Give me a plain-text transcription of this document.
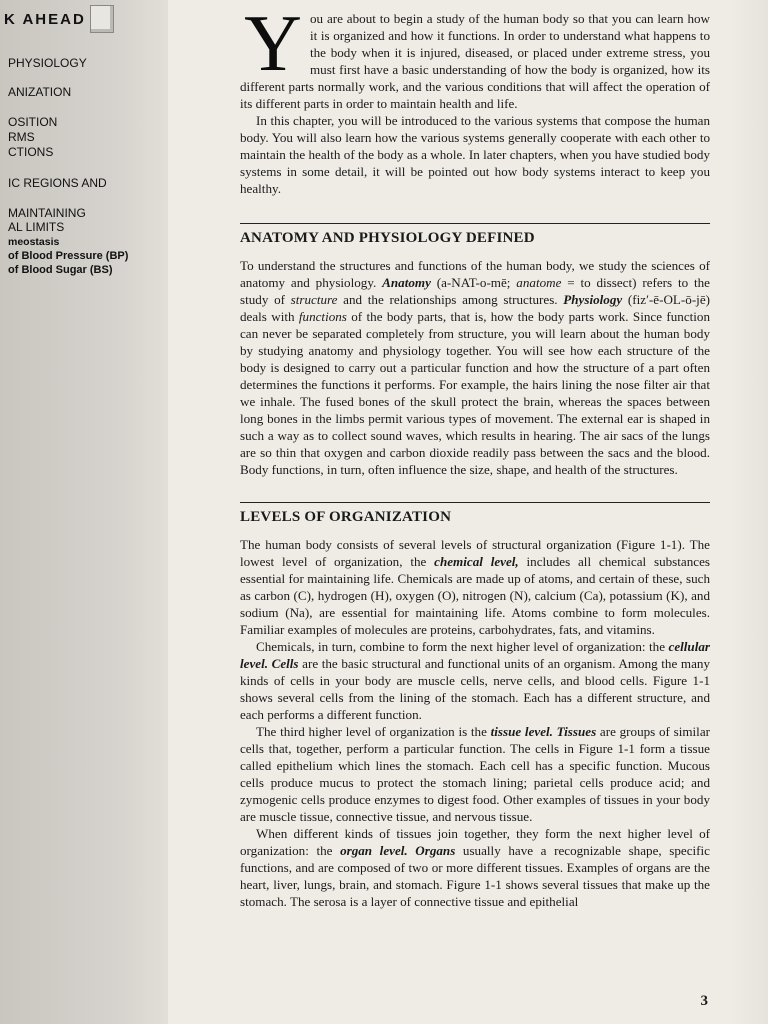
K AHEAD
PHYSIOLOGY
ANIZATION
OSITION
RMS
CTIONS
IC REGIONS AND
MAINTAINING
AL LIMITS
meostasis
of Blood Pressure (BP)
of Blood Sugar (BS)
Y ou are about to begin a study of the human body so that you can learn how it is organized and how it functions. In order to understand what happens to the body when it is injured, diseased, or placed under extreme stress, you must first have a basic understanding of how the body is organized, how its different parts normally work, and the various conditions that will affect the operation of its different parts in order to maintain health and life.

In this chapter, you will be introduced to the various systems that compose the human body. You will also learn how the various systems generally cooperate with each other to maintain the health of the body as a whole. In later chapters, when you have studied body systems in some detail, it will be pointed out how body systems interact to keep you healthy.

ANATOMY AND PHYSIOLOGY DEFINED

To understand the structures and functions of the human body, we study the sciences of anatomy and physiology. Anatomy (a-NAT-o-mē; anatome = to dissect) refers to the study of structure and the relationships among structures. Physiology (fiz′-ē-OL-ō-jē) deals with functions of the body parts, that is, how the body parts work. Since function can never be separated completely from structure, you will learn about the human body by studying anatomy and physiology together. You will see how each structure of the body is designed to carry out a particular function and how the structure of a part often determines the functions it performs. For example, the hairs lining the nose filter air that we inhale. The fused bones of the skull protect the brain, whereas the spaces between long bones in the limbs permit various types of movement. The external ear is shaped in such a way as to collect sound waves, which results in hearing. The air sacs of the lungs are so thin that oxygen and carbon dioxide readily pass between the sacs and the blood. Body functions, in turn, often influence the size, shape, and health of the structures.

LEVELS OF ORGANIZATION

The human body consists of several levels of structural organization (Figure 1-1). The lowest level of organization, the chemical level, includes all chemical substances essential for maintaining life. Chemicals are made up of atoms, and certain of these, such as carbon (C), hydrogen (H), oxygen (O), nitrogen (N), calcium (Ca), potassium (K), and sodium (Na), are essential for maintaining life. Atoms combine to form molecules. Familiar examples of molecules are proteins, carbohydrates, fats, and vitamins.

Chemicals, in turn, combine to form the next higher level of organization: the cellular level. Cells are the basic structural and functional units of an organism. Among the many kinds of cells in your body are muscle cells, nerve cells, and blood cells. Figure 1-1 shows several cells from the lining of the stomach. Each has a different structure, and each performs a different function.

The third higher level of organization is the tissue level. Tissues are groups of similar cells that, together, perform a particular function. The cells in Figure 1-1 form a tissue called epithelium which lines the stomach. Each cell has a specific function. Mucous cells produce mucus to protect the stomach lining; parietal cells produce acid; and zymogenic cells produce enzymes to digest food. Other examples of tissues in your body are muscle tissue, connective tissue, and nervous tissue.

When different kinds of tissues join together, they form the next higher level of organization: the organ level. Organs usually have a recognizable shape, specific functions, and are composed of two or more different tissues. Examples of organs are the heart, liver, lungs, brain, and stomach. Figure 1-1 shows several tissues that make up the stomach. The serosa is a layer of connective tissue and epithelial

3
